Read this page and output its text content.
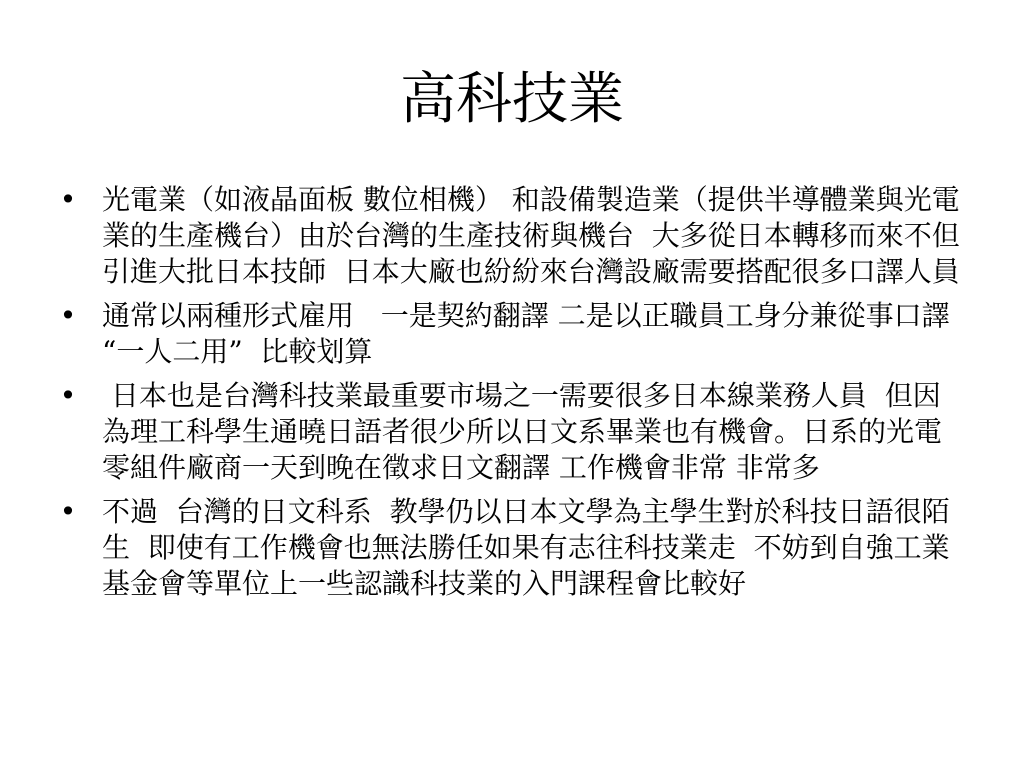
高科技業
• 光電業（如液晶面板 數位相機） 和設備製造業（提供半導體業與光電業的生產機台）由於台灣的生產技術與機台  大多從日本轉移而來不但引進大批日本技師  日本大廠也紛紛來台灣設廠需要搭配很多口譯人員
• 通常以兩種形式雇用   一是契約翻譯 二是以正職員工身分兼從事口譯     “一人二用”  比較划算
• 日本也是台灣科技業最重要市場之一需要很多日本線業務人員  但因為理工科學生通曉日語者很少所以日文系畢業也有機會。日系的光電零組件廠商一天到晚在徵求日文翻譯 工作機會非常 非常多
• 不過  台灣的日文科系  教學仍以日本文學為主學生對於科技日語很陌生  即使有工作機會也無法勝任如果有志往科技業走  不妨到自強工業基金會等單位上一些認識科技業的入門課程會比較好
